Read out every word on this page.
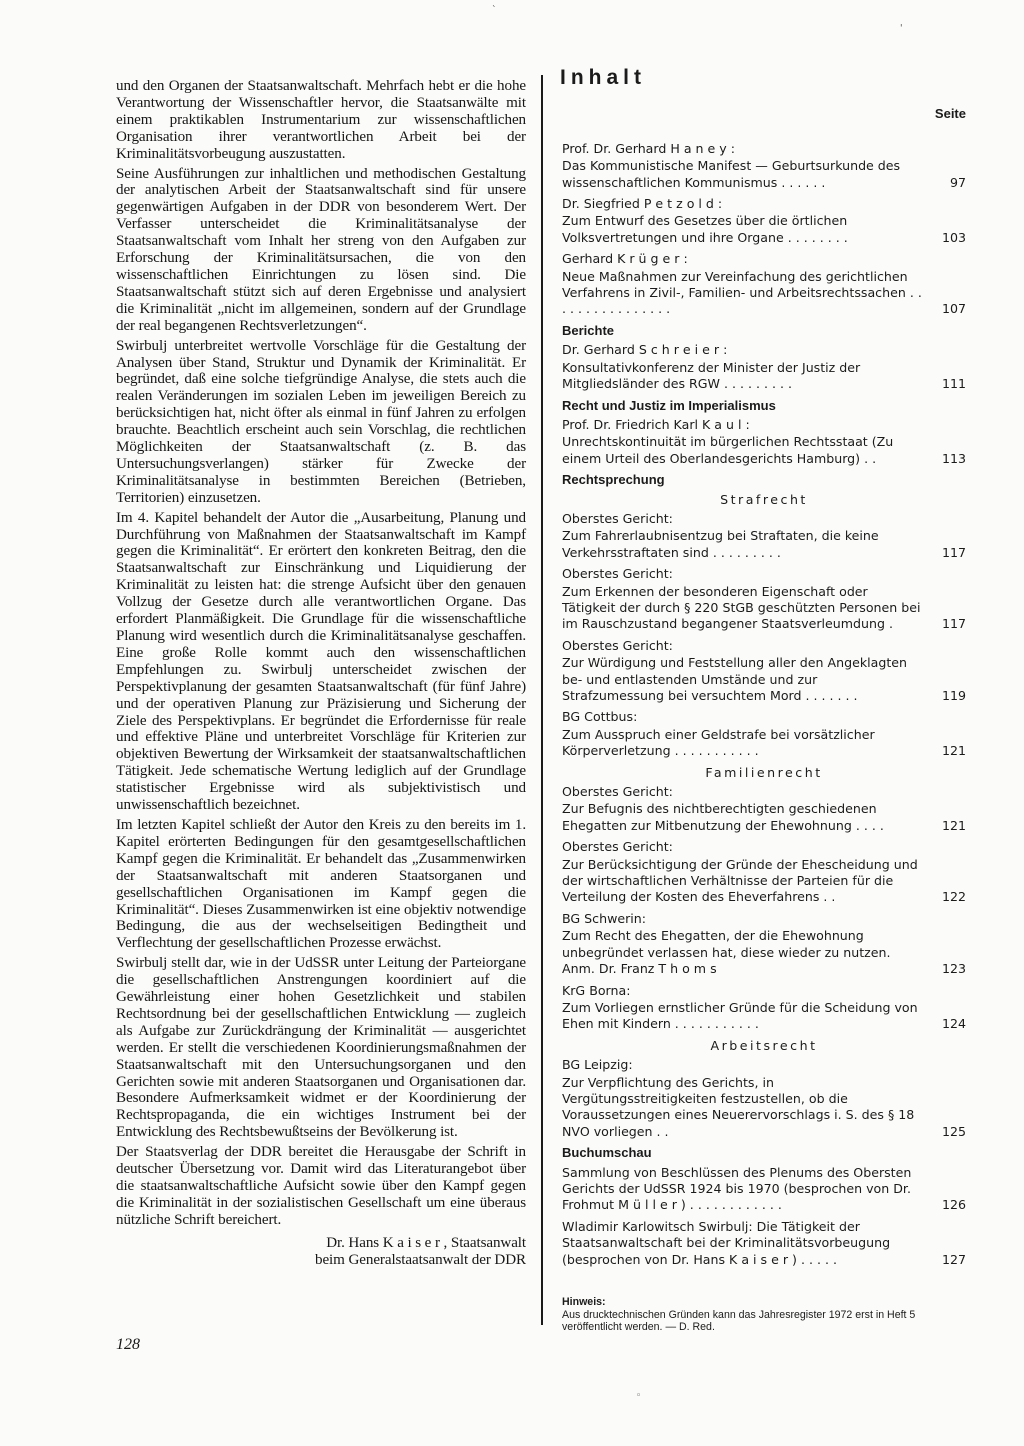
und den Organen der Staatsanwaltschaft. Mehrfach hebt er die hohe Verantwortung der Wissenschaftler hervor, die Staatsanwälte mit einem praktikablen Instrumentarium zur wissenschaftlichen Organisation ihrer verantwortlichen Arbeit bei der Kriminalitätsvorbeugung auszustatten.

Seine Ausführungen zur inhaltlichen und methodischen Gestaltung der analytischen Arbeit der Staatsanwaltschaft sind für unsere gegenwärtigen Aufgaben in der DDR von besonderem Wert. Der Verfasser unterscheidet die Kriminalitätsanalyse der Staatsanwaltschaft vom Inhalt her streng von den Aufgaben zur Erforschung der Kriminalitätsursachen, die von den wissenschaftlichen Einrichtungen zu lösen sind. Die Staatsanwaltschaft stützt sich auf deren Ergebnisse und analysiert die Kriminalität „nicht im allgemeinen, sondern auf der Grundlage der real begangenen Rechtsverletzungen“.

Swirbulj unterbreitet wertvolle Vorschläge für die Gestaltung der Analysen über Stand, Struktur und Dynamik der Kriminalität. Er begründet, daß eine solche tiefgründige Analyse, die stets auch die realen Veränderungen im sozialen Leben im jeweiligen Bereich zu berücksichtigen hat, nicht öfter als einmal in fünf Jahren zu erfolgen brauchte. Beachtlich erscheint auch sein Vorschlag, die rechtlichen Möglichkeiten der Staatsanwaltschaft (z. B. das Untersuchungsverlangen) stärker für Zwecke der Kriminalitätsanalyse in bestimmten Bereichen (Betrieben, Territorien) einzusetzen.

Im 4. Kapitel behandelt der Autor die „Ausarbeitung, Planung und Durchführung von Maßnahmen der Staatsanwaltschaft im Kampf gegen die Kriminalität“. Er erörtert den konkreten Beitrag, den die Staatsanwaltschaft zur Einschränkung und Liquidierung der Kriminalität zu leisten hat: die strenge Aufsicht über den genauen Vollzug der Gesetze durch alle verantwortlichen Organe. Das erfordert Planmäßigkeit. Die Grundlage für die wissenschaftliche Planung wird wesentlich durch die Kriminalitätsanalyse geschaffen. Eine große Rolle kommt auch den wissenschaftlichen Empfehlungen zu. Swirbulj unterscheidet zwischen der Perspektivplanung der gesamten Staatsanwaltschaft (für fünf Jahre) und der operativen Planung zur Präzisierung und Sicherung der Ziele des Perspektivplans. Er begründet die Erfordernisse für reale und effektive Pläne und unterbreitet Vorschläge für Kriterien zur objektiven Bewertung der Wirksamkeit der staatsanwaltschaftlichen Tätigkeit. Jede schematische Wertung lediglich auf der Grundlage statistischer Ergebnisse wird als subjektivistisch und unwissenschaftlich bezeichnet.

Im letzten Kapitel schließt der Autor den Kreis zu den bereits im 1. Kapitel erörterten Bedingungen für den gesamtgesellschaftlichen Kampf gegen die Kriminalität. Er behandelt das „Zusammenwirken der Staatsanwaltschaft mit anderen Staatsorganen und gesellschaftlichen Organisationen im Kampf gegen die Kriminalität“. Dieses Zusammenwirken ist eine objektiv notwendige Bedingung, die aus der wechselseitigen Bedingtheit und Verflechtung der gesellschaftlichen Prozesse erwächst.

Swirbulj stellt dar, wie in der UdSSR unter Leitung der Parteiorgane die gesellschaftlichen Anstrengungen koordiniert auf die Gewährleistung einer hohen Gesetzlichkeit und stabilen Rechtsordnung bei der gesellschaftlichen Entwicklung — zugleich als Aufgabe zur Zurückdrängung der Kriminalität — ausgerichtet werden. Er stellt die verschiedenen Koordinierungsmaßnahmen der Staatsanwaltschaft mit den Untersuchungsorganen und den Gerichten sowie mit anderen Staatsorganen und Organisationen dar. Besondere Aufmerksamkeit widmet er der Koordinierung der Rechtspropaganda, die ein wichtiges Instrument bei der Entwicklung des Rechtsbewußtseins der Bevölkerung ist.

Der Staatsverlag der DDR bereitet die Herausgabe der Schrift in deutscher Übersetzung vor. Damit wird das Literaturangebot über die staatsanwaltschaftliche Aufsicht sowie über den Kampf gegen die Kriminalität in der sozialistischen Gesellschaft um eine überaus nützliche Schrift bereichert.

Dr. Hans K a i s e r , Staatsanwalt
beim Generalstaatsanwalt der DDR
128
Inhalt
Seite
Prof. Dr. Gerhard H a n e y :
Das Kommunistische Manifest — Geburtsurkunde des wissenschaftlichen Kommunismus . . . . . .	97
Dr. Siegfried P e t z o l d :
Zum Entwurf des Gesetzes über die örtlichen Volksvertretungen und ihre Organe . . . . . . . .	103
Gerhard K r ü g e r :
Neue Maßnahmen zur Vereinfachung des gerichtlichen Verfahrens in Zivil-, Familien- und Arbeitsrechtssachen . . . . . . . . . . . . . . . .	107
Berichte
Dr. Gerhard S c h r e i e r :
Konsultativkonferenz der Minister der Justiz der Mitgliedsländer des RGW . . . . . . . . .	111
Recht und Justiz im Imperialismus
Prof. Dr. Friedrich Karl K a u l :
Unrechtskontinuität im bürgerlichen Rechtsstaat (Zu einem Urteil des Oberlandesgerichts Hamburg) . .	113
Rechtsprechung
Strafrecht
Oberstes Gericht:
Zum Fahrerlaubnisentzug bei Straftaten, die keine Verkehrsstraftaten sind . . . . . . . . .	117
Oberstes Gericht:
Zum Erkennen der besonderen Eigenschaft oder Tätigkeit der durch § 220 StGB geschützten Personen bei im Rauschzustand begangener Staatsverleumdung .	117
Oberstes Gericht:
Zur Würdigung und Feststellung aller den Angeklagten be- und entlastenden Umstände und zur Strafzumessung bei versuchtem Mord . . . . . . .	119
BG Cottbus:
Zum Ausspruch einer Geldstrafe bei vorsätzlicher Körperverletzung . . . . . . . . . . .	121
Familienrecht
Oberstes Gericht:
Zur Befugnis des nichtberechtigten geschiedenen Ehegatten zur Mitbenutzung der Ehewohnung . . . .	121
Oberstes Gericht:
Zur Berücksichtigung der Gründe der Ehescheidung und der wirtschaftlichen Verhältnisse der Parteien für die Verteilung der Kosten des Eheverfahrens . .	122
BG Schwerin:
Zum Recht des Ehegatten, der die Ehewohnung unbegründet verlassen hat, diese wieder zu nutzen. Anm. Dr. Franz T h o m s	123
KrG Borna:
Zum Vorliegen ernstlicher Gründe für die Scheidung von Ehen mit Kindern . . . . . . . . . . .	124
Arbeitsrecht
BG Leipzig:
Zur Verpflichtung des Gerichts, in Vergütungsstreitigkeiten festzustellen, ob die Voraussetzungen eines Neuerervorschlags i. S. des § 18 NVO vorliegen . .	125
Buchumschau
Sammlung von Beschlüssen des Plenums des Obersten Gerichts der UdSSR 1924 bis 1970 (besprochen von Dr. Frohmut M ü l l e r ) . . . . . . . . . . . .	126
Wladimir Karlowitsch Swirbulj: Die Tätigkeit der Staatsanwaltschaft bei der Kriminalitätsvorbeugung (besprochen von Dr. Hans K a i s e r ) . . . . .	127
Hinweis:
Aus drucktechnischen Gründen kann das Jahresregister 1972 erst in Heft 5 veröffentlicht werden. — D. Red.
`
'
◦
